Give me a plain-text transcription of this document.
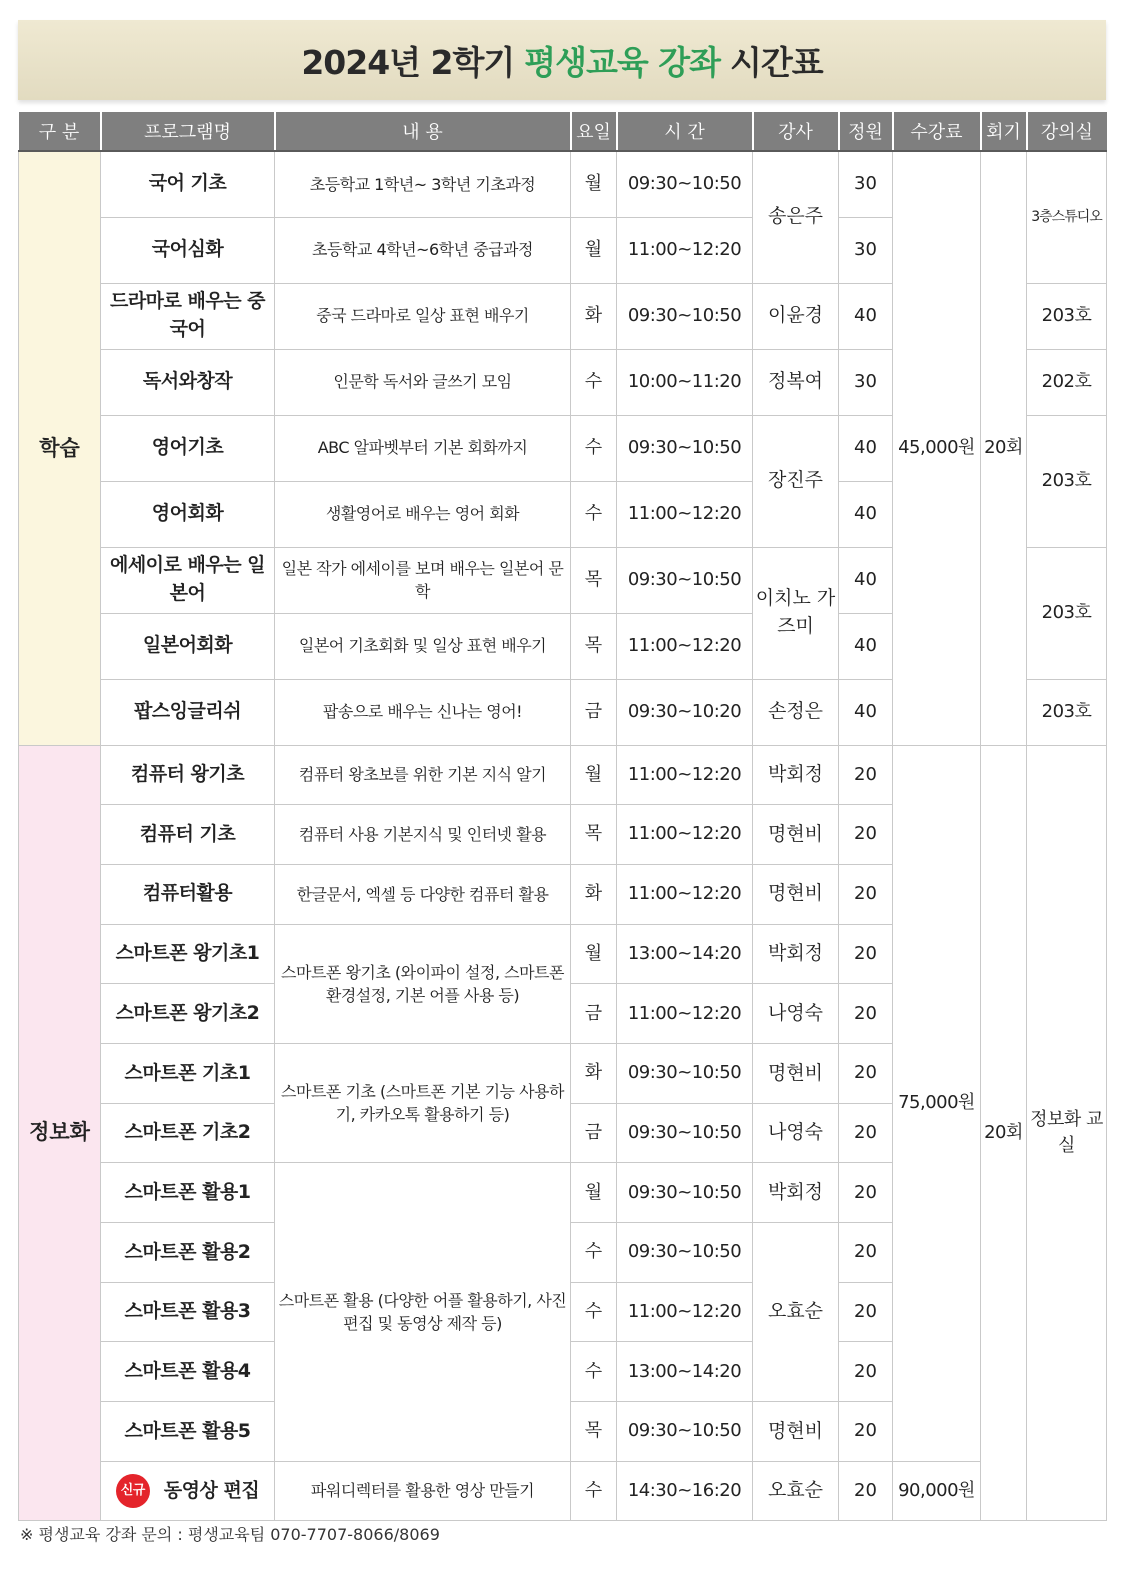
2024년 2학기 평생교육 강좌 시간표
구 분	프로그램명	내 용	요일	시 간	강사	정원	수강료	회기	강의실
학습	국어 기초	초등학교 1학년~ 3학년 기초과정	월	09:30~10:50	송은주	30	45,000원	20회	3층스튜디오
	국어심화	초등학교 4학년~6학년 중급과정	월	11:00~12:20		30			
	드라마로 배우는 중국어	중국 드라마로 일상 표현 배우기	화	09:30~10:50	이윤경	40			203호
	독서와창작	인문학 독서와 글쓰기 모임	수	10:00~11:20	정복여	30			202호
	영어기초	ABC 알파벳부터 기본 회화까지	수	09:30~10:50	장진주	40			203호
	영어회화	생활영어로 배우는 영어 회화	수	11:00~12:20		40			
	에세이로 배우는 일본어	일본 작가 에세이를 보며 배우는 일본어 문학	목	09:30~10:50	이치노 가즈미	40			203호
	일본어회화	일본어 기초회화 및 일상 표현 배우기	목	11:00~12:20		40			
	팝스잉글리쉬	팝송으로 배우는 신나는 영어!	금	09:30~10:20	손정은	40			203호
정보화	컴퓨터 왕기초	컴퓨터 왕초보를 위한 기본 지식 알기	월	11:00~12:20	박회정	20	75,000원	20회	정보화 교실
	컴퓨터 기초	컴퓨터 사용 기본지식 및 인터넷 활용	목	11:00~12:20	명현비	20			
	컴퓨터활용	한글문서, 엑셀 등 다양한 컴퓨터 활용	화	11:00~12:20	명현비	20			
	스마트폰 왕기초1	스마트폰 왕기초 (와이파이 설정, 스마트폰 환경설정, 기본 어플 사용 등)	월	13:00~14:20	박회정	20			
	스마트폰 왕기초2		금	11:00~12:20	나영숙	20			
	스마트폰 기초1	스마트폰 기초 (스마트폰 기본 기능 사용하기, 카카오톡 활용하기 등)	화	09:30~10:50	명현비	20			
	스마트폰 기초2		금	09:30~10:50	나영숙	20			
	스마트폰 활용1	스마트폰 활용 (다양한 어플 활용하기, 사진편집 및 동영상 제작 등)	월	09:30~10:50	박회정	20			
	스마트폰 활용2		수	09:30~10:50	오효순	20			
	스마트폰 활용3		수	11:00~12:20		20			
	스마트폰 활용4		수	13:00~14:20		20			
	스마트폰 활용5		목	09:30~10:50	명현비	20			
	신규 동영상 편집	파워디렉터를 활용한 영상 만들기	수	14:30~16:20	오효순	20	90,000원		
※ 평생교육 강좌 문의 : 평생교육팀 070-7707-8066/8069
